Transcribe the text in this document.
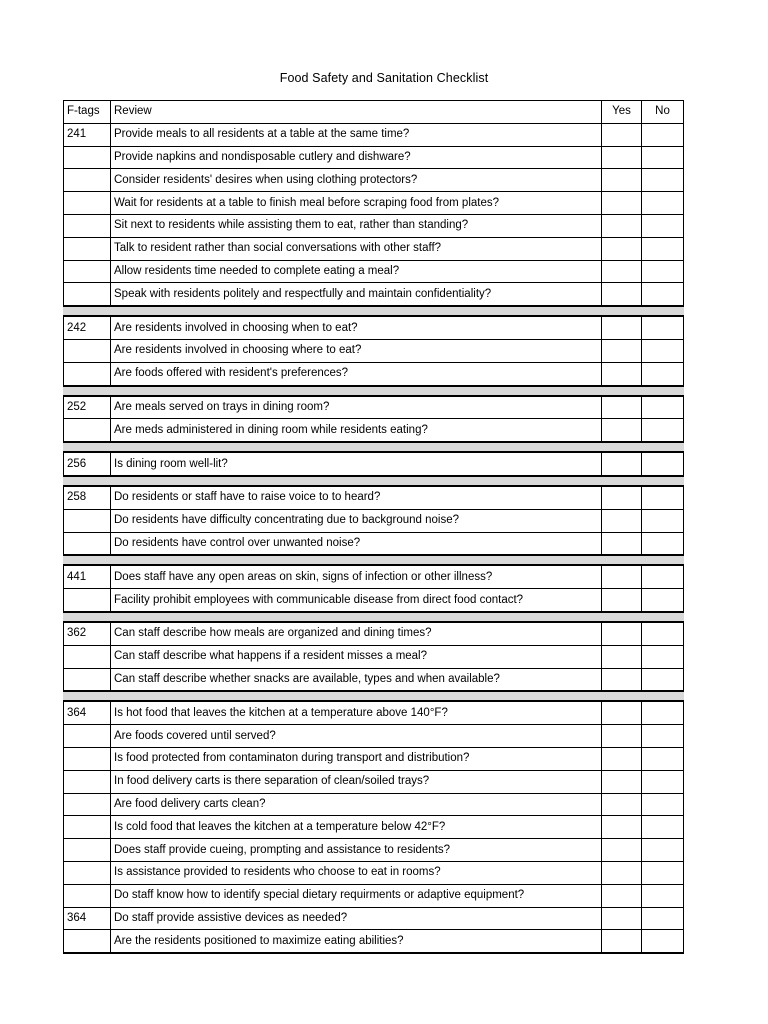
Food Safety and Sanitation Checklist
F-tags	Review	Yes	No
241	Provide meals to all residents at a table at the same time?		
	Provide napkins and nondisposable cutlery and dishware?		
	Consider residents' desires when using clothing protectors?		
	Wait for residents at a table to finish meal before scraping food from plates?		
	Sit next to residents while assisting them to eat, rather than standing?		
	Talk to resident rather than social conversations with other staff?		
	Allow residents time needed to complete eating a meal?		
	Speak with residents politely and respectfully and maintain confidentiality?		

242	Are residents involved in choosing when to eat?		
	Are residents involved in choosing where to eat?		
	Are foods offered with resident's preferences?		

252	Are meals served on trays in dining room?		
	Are meds administered in dining room while residents eating?		

256	Is dining room well-lit?		

258	Do residents or staff have to raise voice to to heard?		
	Do residents have difficulty concentrating due to background noise?		
	Do residents have control over unwanted noise?		

441	Does staff have any open areas on skin, signs of infection or other illness?		
	Facility prohibit employees with communicable disease from direct food contact?		

362	Can staff describe how meals are organized and dining times?		
	Can staff describe what happens if a resident misses a meal?		
	Can staff describe whether snacks are available, types and when available?		

364	Is hot food that leaves the kitchen at a temperature above 140°F?		
	Are foods covered until served?		
	Is food protected from contaminaton during transport and distribution?		
	In food delivery carts is there separation of clean/soiled trays?		
	Are food delivery carts clean?		
	Is cold food that leaves the kitchen at a temperature below 42°F?		
	Does staff provide cueing, prompting and assistance to residents?		
	Is assistance provided to residents who choose to eat in rooms?		
	Do staff know how to identify special dietary requirments or adaptive equipment?		
364	Do staff provide assistive devices as needed?		
	Are the residents positioned to maximize eating abilities?		
